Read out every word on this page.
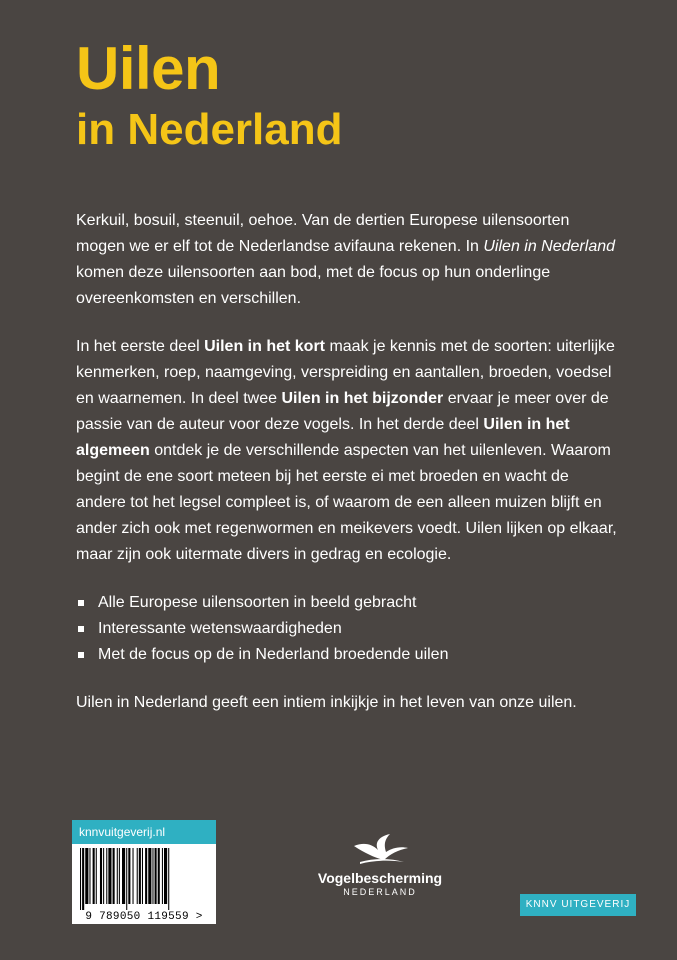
Uilen
in Nederland

Kerkuil, bosuil, steenuil, oehoe. Van de dertien Europese uilensoorten mogen we er elf tot de Nederlandse avifauna rekenen. In Uilen in Nederland komen deze uilensoorten aan bod, met de focus op hun onderlinge overeenkomsten en verschillen.

In het eerste deel Uilen in het kort maak je kennis met de soorten: uiterlijke kenmerken, roep, naamgeving, verspreiding en aantallen, broeden, voedsel en waarnemen. In deel twee Uilen in het bijzonder ervaar je meer over de passie van de auteur voor deze vogels. In het derde deel Uilen in het algemeen ontdek je de verschillende aspecten van het uilenleven. Waarom begint de ene soort meteen bij het eerste ei met broeden en wacht de andere tot het legsel compleet is, of waarom de een alleen muizen blijft en ander zich ook met regenwormen en meikevers voedt. Uilen lijken op elkaar, maar zijn ook uitermate divers in gedrag en ecologie.

Alle Europese uilensoorten in beeld gebracht
Interessante wetenswaardigheden
Met de focus op de in Nederland broedende uilen

Uilen in Nederland geeft een intiem inkijkje in het leven van onze uilen.

knnvuitgeverij.nl
9 789050 119559 >
Vogelbescherming
NEDERLAND
KNNV UITGEVERIJ
